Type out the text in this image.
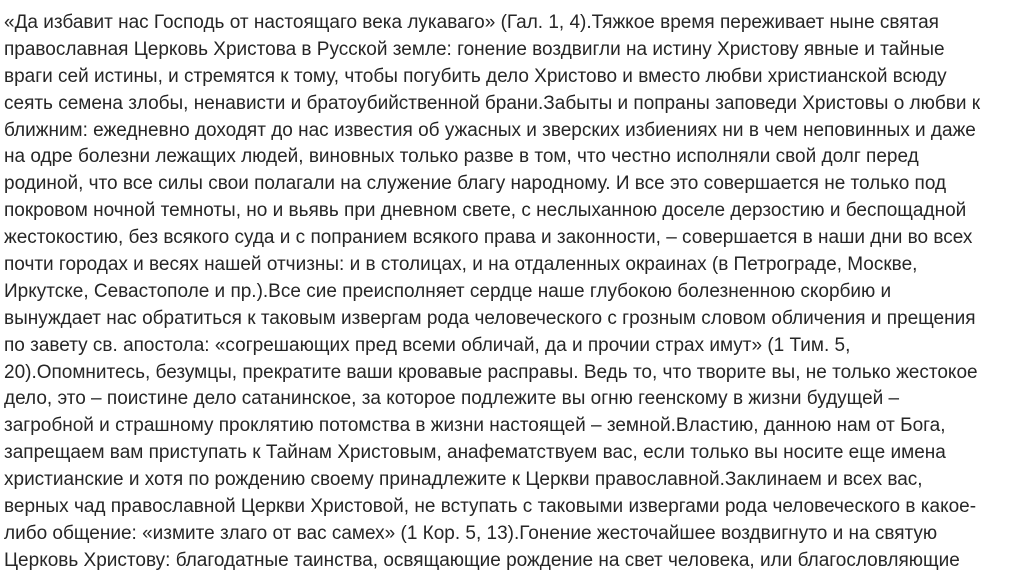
«Да избавит нас Господь от настоящаго века лукаваго» (Гал. 1, 4).Тяжкое время переживает ныне святая
православная Церковь Христова в Русской земле: гонение воздвигли на истину Христову явные и тайные
враги сей истины, и стремятся к тому, чтобы погубить дело Христово и вместо любви христианской всюду
сеять семена злобы, ненависти и братоубийственной брани.Забыты и попраны заповеди Христовы о любви к
ближним: ежедневно доходят до нас известия об ужасных и зверских избиениях ни в чем неповинных и даже
на одре болезни лежащих людей, виновных только разве в том, что честно исполняли свой долг перед
родиной, что все силы свои полагали на служение благу народному. И все это совершается не только под
покровом ночной темноты, но и вьявь при дневном свете, с неслыханною доселе дерзостию и беспощадной
жестокостию, без всякого суда и с попранием всякого права и законности, – совершается в наши дни во всех
почти городах и весях нашей отчизны: и в столицах, и на отдаленных окраинах (в Петрограде, Москве,
Иркутске, Севастополе и пр.).Все сие преисполняет сердце наше глубокою болезненною скорбию и
вынуждает нас обратиться к таковым извергам рода человеческого с грозным словом обличения и прещения
по завету св. апостола: «согрешающих пред всеми обличай, да и прочии страх имут» (1 Тим. 5,
20).Опомнитесь, безумцы, прекратите ваши кровавые расправы. Ведь то, что творите вы, не только жестокое
дело, это – поистине дело сатанинское, за которое подлежите вы огню геенскому в жизни будущей –
загробной и страшному проклятию потомства в жизни настоящей – земной.Властию, данною нам от Бога,
запрещаем вам приступать к Тайнам Христовым, анафематствуем вас, если только вы носите еще имена
христианские и хотя по рождению своему принадлежите к Церкви православной.Заклинаем и всех вас,
верных чад православной Церкви Христовой, не вступать с таковыми извергами рода человеческого в какое-
либо общение: «измите злаго от вас самех» (1 Кор. 5, 13).Гонение жесточайшее воздвигнуто и на святую
Церковь Христову: благодатные таинства, освящающие рождение на свет человека, или благословляющие
